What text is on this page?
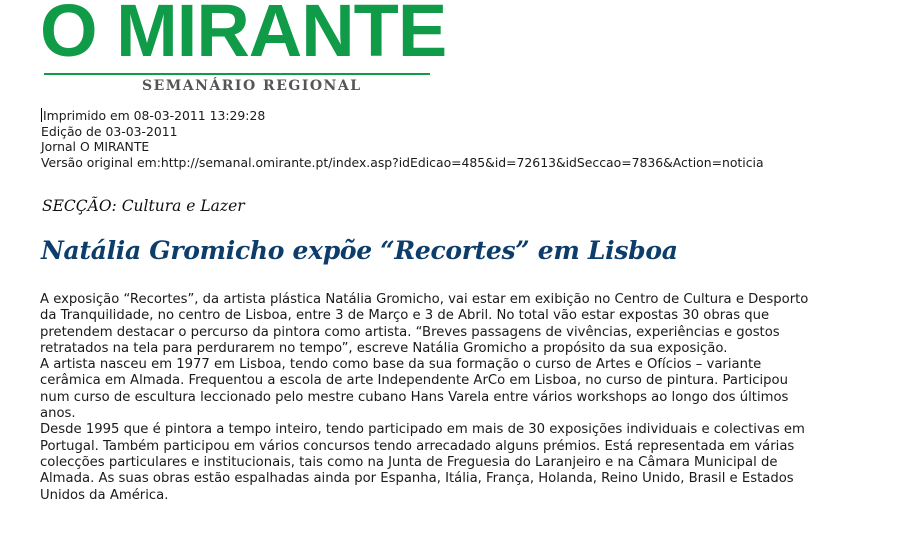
O MIRANTE
SEMANÁRIO REGIONAL
Imprimido em 08-03-2011 13:29:28
Edição de 03-03-2011
Jornal O MIRANTE
Versão original em:http://semanal.omirante.pt/index.asp?idEdicao=485&id=72613&idSeccao=7836&Action=noticia
SECÇÃO: Cultura e Lazer
Natália Gromicho expõe “Recortes” em Lisboa
A exposição “Recortes”, da artista plástica Natália Gromicho, vai estar em exibição no Centro de Cultura e Desporto
da Tranquilidade, no centro de Lisboa, entre 3 de Março e 3 de Abril. No total vão estar expostas 30 obras que
pretendem destacar o percurso da pintora como artista. “Breves passagens de vivências, experiências e gostos
retratados na tela para perdurarem no tempo”, escreve Natália Gromicho a propósito da sua exposição.
A artista nasceu em 1977 em Lisboa, tendo como base da sua formação o curso de Artes e Ofícios – variante
cerâmica em Almada. Frequentou a escola de arte Independente ArCo em Lisboa, no curso de pintura. Participou
num curso de escultura leccionado pelo mestre cubano Hans Varela entre vários workshops ao longo dos últimos
anos.
Desde 1995 que é pintora a tempo inteiro, tendo participado em mais de 30 exposições individuais e colectivas em
Portugal. Também participou em vários concursos tendo arrecadado alguns prémios. Está representada em várias
colecções particulares e institucionais, tais como na Junta de Freguesia do Laranjeiro e na Câmara Municipal de
Almada. As suas obras estão espalhadas ainda por Espanha, Itália, França, Holanda, Reino Unido, Brasil e Estados
Unidos da América.
